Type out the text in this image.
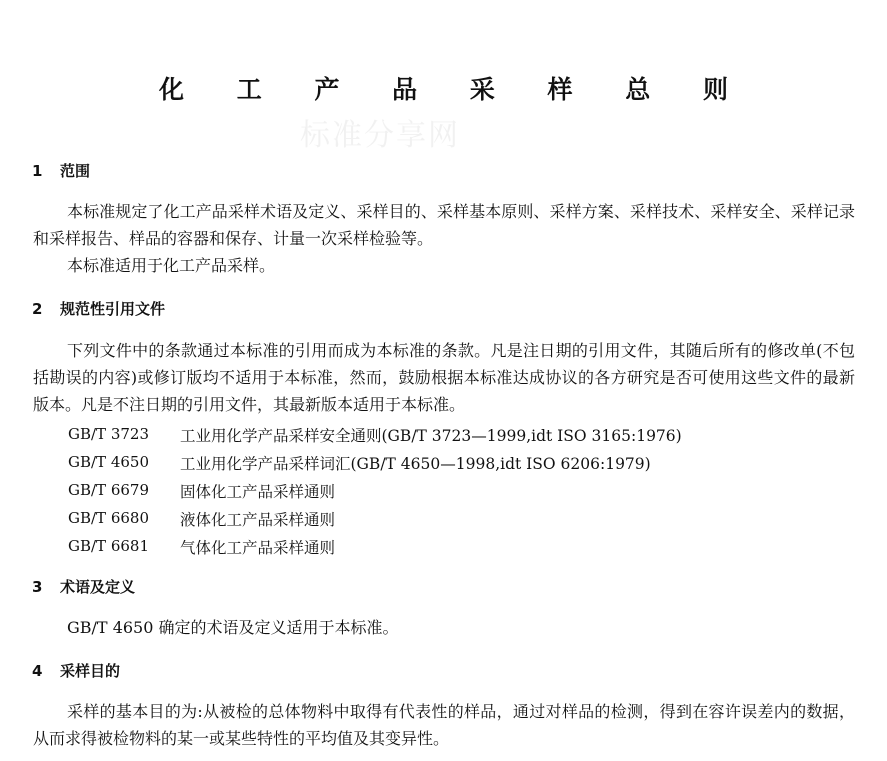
化 工 产 品 采 样 总 则
标准分享网
1 范围
本标准规定了化工产品采样术语及定义、采样目的、采样基本原则、采样方案、采样技术、采样安全、采样记录和采样报告、样品的容器和保存、计量一次采样检验等。
本标准适用于化工产品采样。
2 规范性引用文件
下列文件中的条款通过本标准的引用而成为本标准的条款。凡是注日期的引用文件，其随后所有的修改单(不包括勘误的内容)或修订版均不适用于本标准，然而，鼓励根据本标准达成协议的各方研究是否可使用这些文件的最新版本。凡是不注日期的引用文件，其最新版本适用于本标准。
GB/T 3723 工业用化学产品采样安全通则(GB/T 3723—1999,idt ISO 3165:1976)
GB/T 4650 工业用化学产品采样词汇(GB/T 4650—1998,idt ISO 6206:1979)
GB/T 6679 固体化工产品采样通则
GB/T 6680 液体化工产品采样通则
GB/T 6681 气体化工产品采样通则
3 术语及定义
GB/T 4650 确定的术语及定义适用于本标准。
4 采样目的
采样的基本目的为:从被检的总体物料中取得有代表性的样品，通过对样品的检测，得到在容许误差内的数据，从而求得被检物料的某一或某些特性的平均值及其变异性。
